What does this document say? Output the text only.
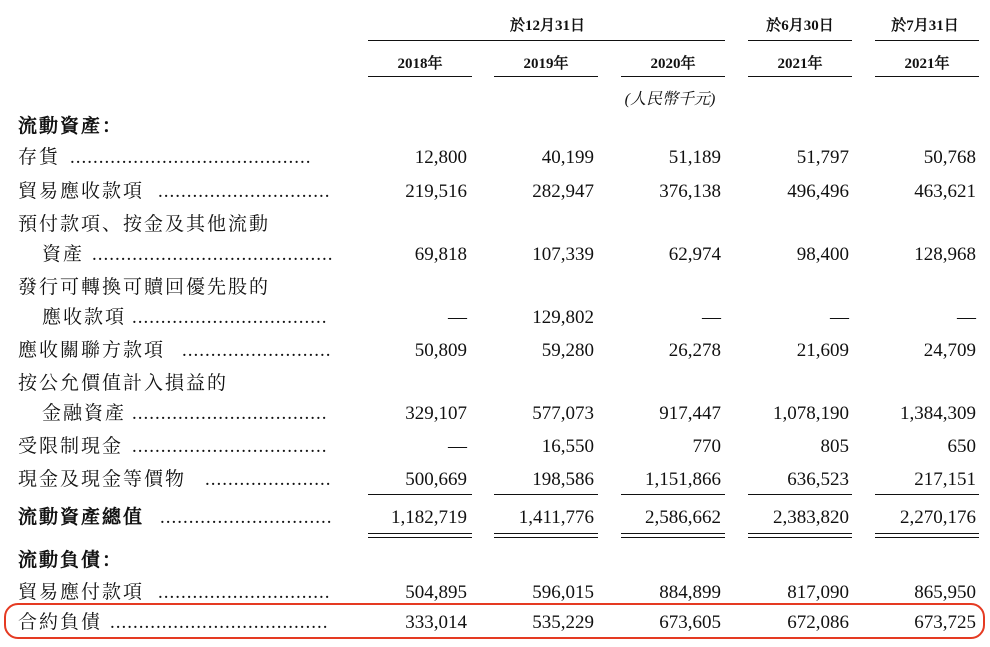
於12月31日	於6月30日	於7月31日
2018年	2019年	2020年	2021年	2021年
(人民幣千元)
流動資產：
存貨 ..........................................	12,800	40,199	51,189	51,797	50,768
貿易應收款項 ..............................	219,516	282,947	376,138	496,496	463,621
預付款項、按金及其他流動
資產 ..........................................	69,818	107,339	62,974	98,400	128,968
發行可轉換可贖回優先股的
應收款項 ..................................	—	129,802	—	—	—
應收關聯方款項 ..........................	50,809	59,280	26,278	21,609	24,709
按公允價值計入損益的
金融資產 ..................................	329,107	577,073	917,447	1,078,190	1,384,309
受限制現金 ..................................	—	16,550	770	805	650
現金及現金等價物 ......................	500,669	198,586	1,151,866	636,523	217,151
流動資產總值 ..............................	1,182,719	1,411,776	2,586,662	2,383,820	2,270,176
流動負債：
貿易應付款項 ..............................	504,895	596,015	884,899	817,090	865,950
合約負債 ......................................	333,014	535,229	673,605	672,086	673,725
